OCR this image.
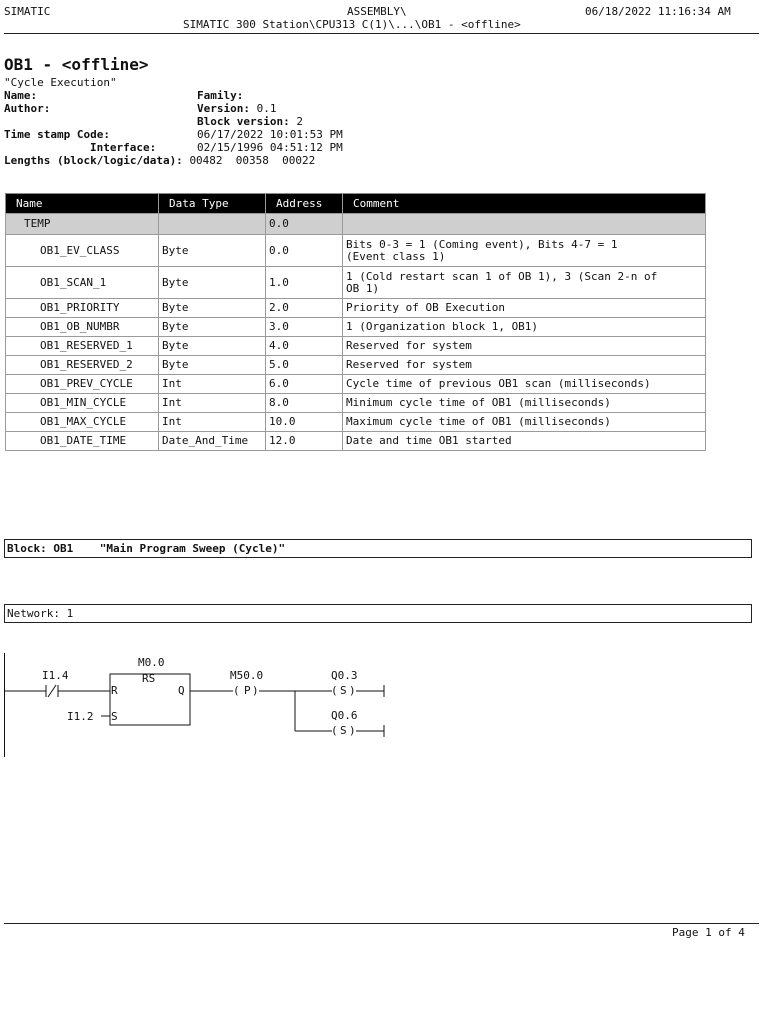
SIMATIC	ASSEMBLY\	06/18/2022 11:16:34 AM
SIMATIC 300 Station\CPU313 C(1)\...\OB1 - <offline>
OB1 - <offline>
"Cycle Execution"
Name:	Family:
Author:	Version: 0.1
Block version: 2
Time stamp Code:	06/17/2022 10:01:53 PM
Interface:	02/15/1996 04:51:12 PM
Lengths (block/logic/data): 00482  00358  00022
Name	Data Type	Address	Comment
TEMP		0.0	
OB1_EV_CLASS	Byte	0.0	Bits 0-3 = 1 (Coming event), Bits 4-7 = 1
(Event class 1)
OB1_SCAN_1	Byte	1.0	1 (Cold restart scan 1 of OB 1), 3 (Scan 2-n of
OB 1)
OB1_PRIORITY	Byte	2.0	Priority of OB Execution
OB1_OB_NUMBR	Byte	3.0	1 (Organization block 1, OB1)
OB1_RESERVED_1	Byte	4.0	Reserved for system
OB1_RESERVED_2	Byte	5.0	Reserved for system
OB1_PREV_CYCLE	Int	6.0	Cycle time of previous OB1 scan (milliseconds)
OB1_MIN_CYCLE	Int	8.0	Minimum cycle time of OB1 (milliseconds)
OB1_MAX_CYCLE	Int	10.0	Maximum cycle time of OB1 (milliseconds)
OB1_DATE_TIME	Date_And_Time	12.0	Date and time OB1 started
Block: OB1    "Main Program Sweep (Cycle)"
Network: 1
I1.4
M0.0
RS
R
S
Q
I1.2
M50.0
( P )
Q0.3
( S )
Q0.6
( S )
Page 1 of 4
